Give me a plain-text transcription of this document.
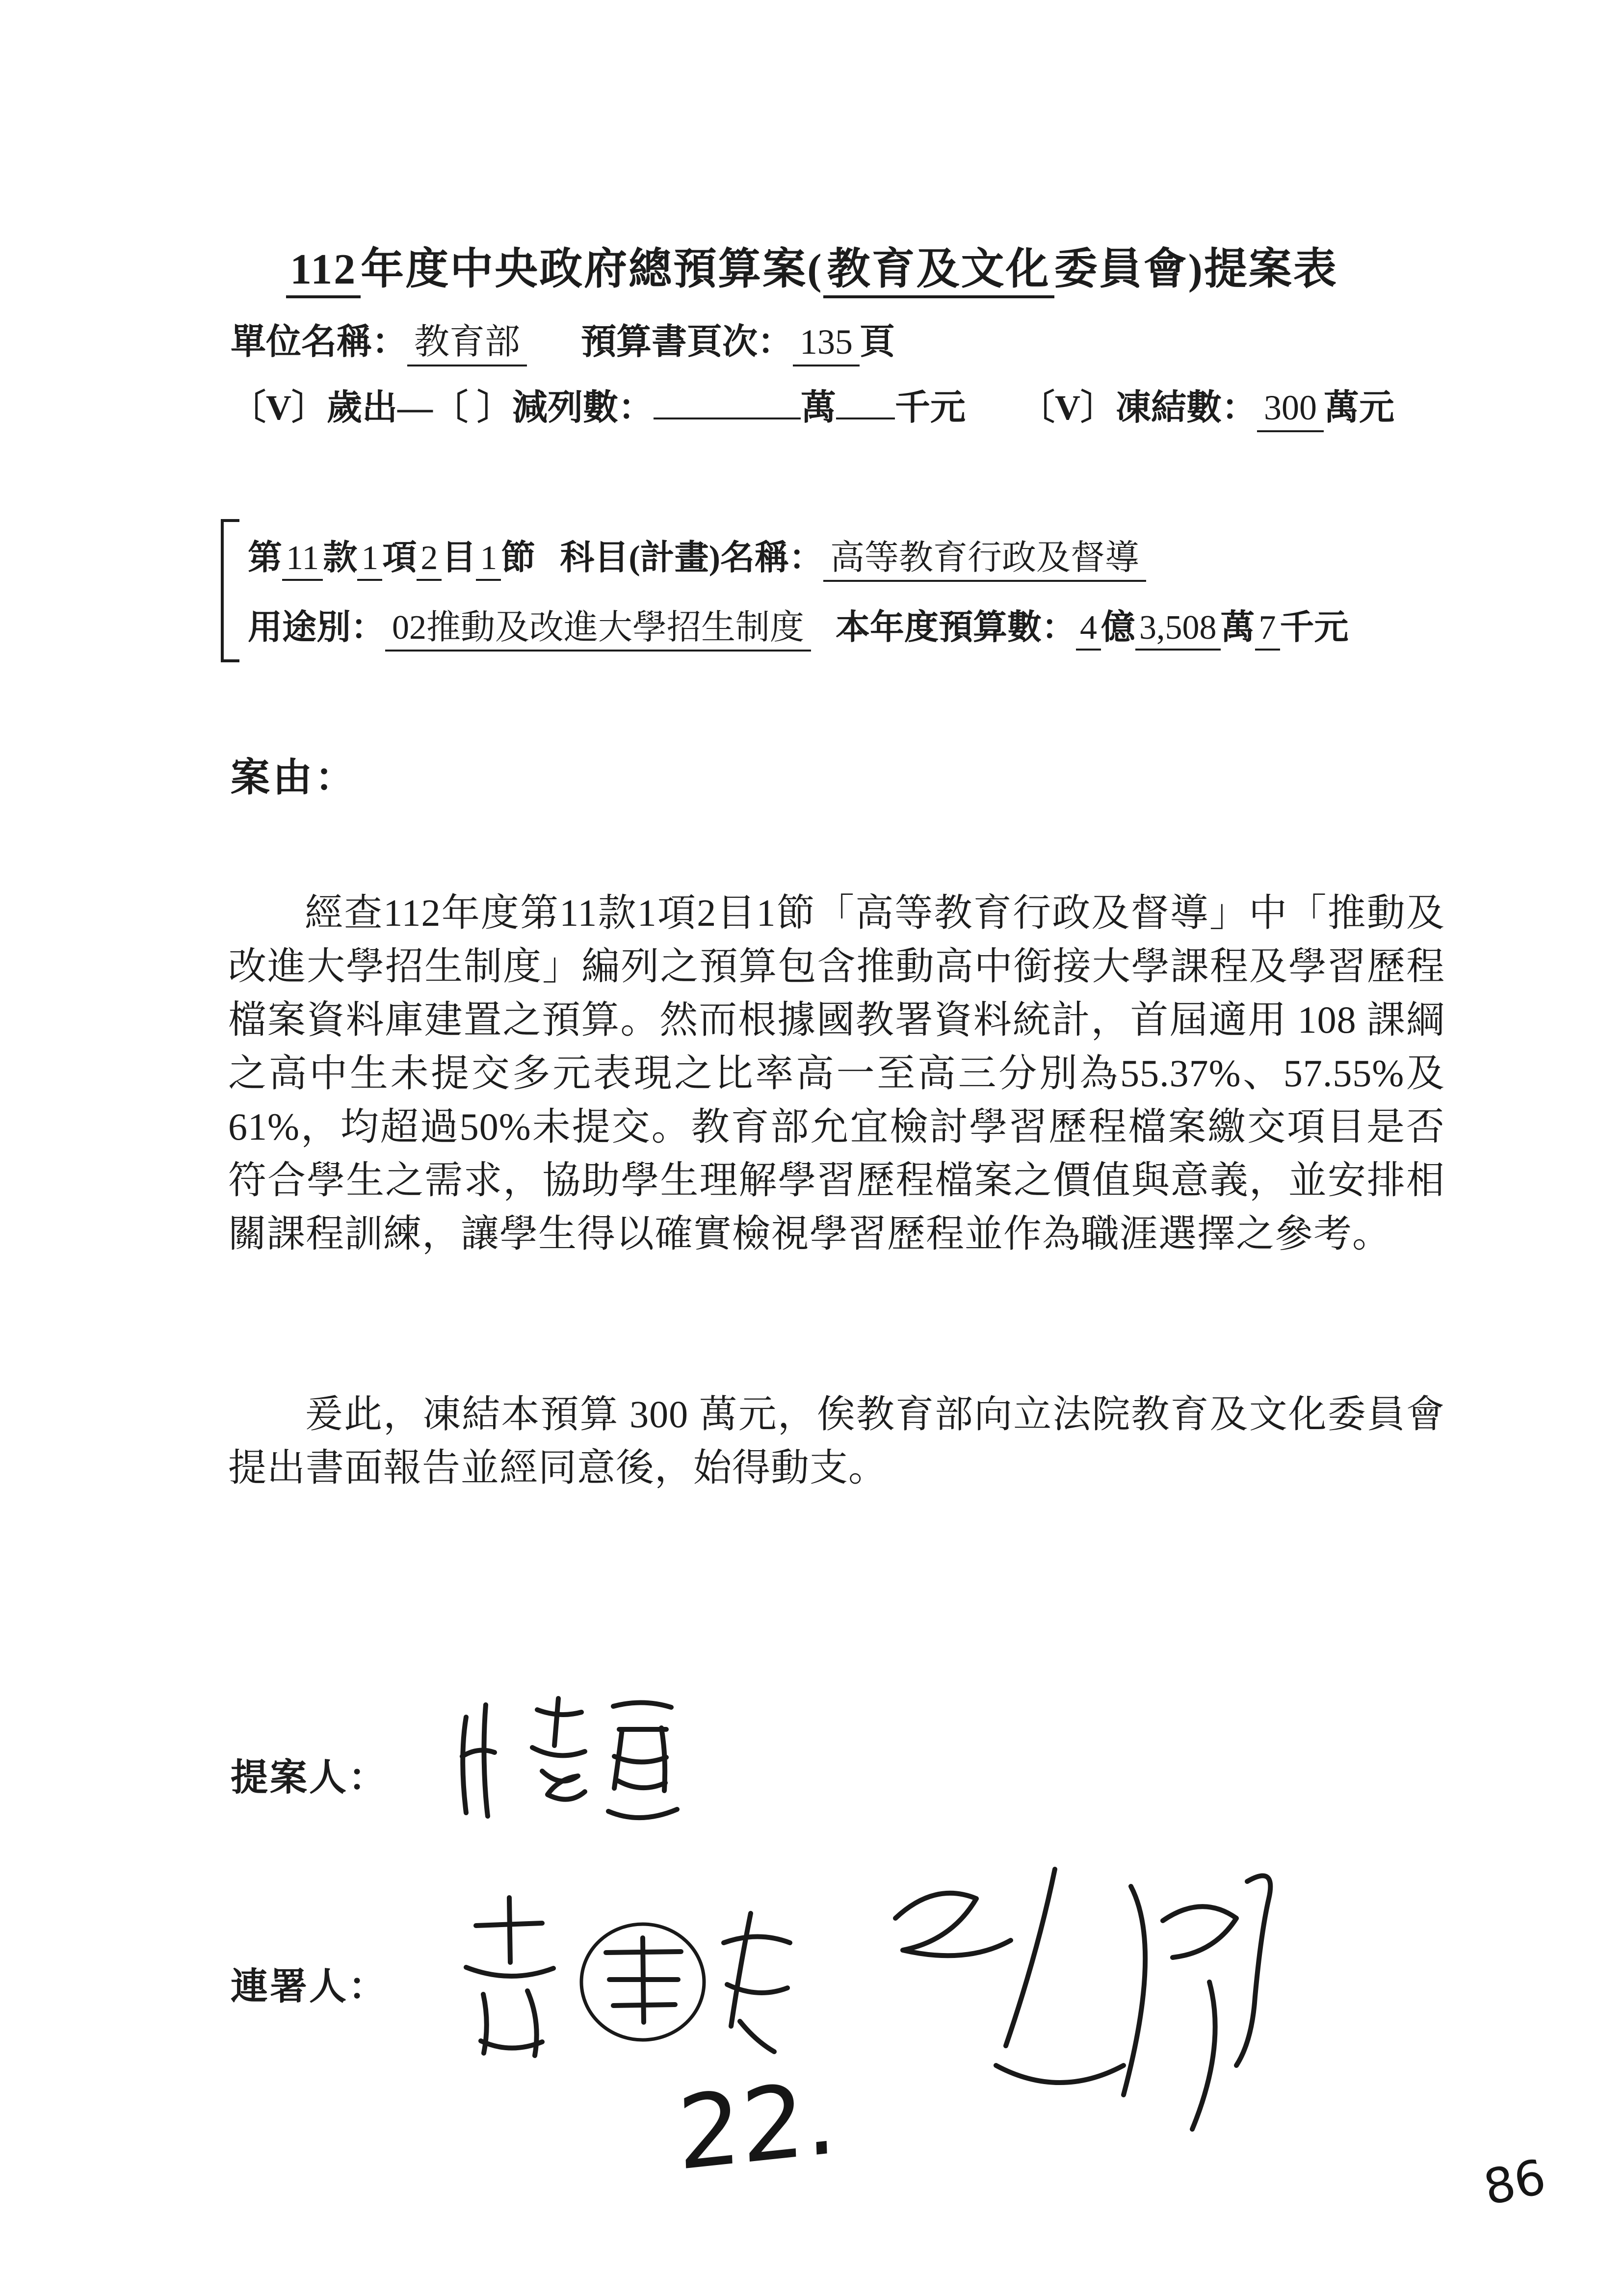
112年度中央政府總預算案(教育及文化委員會)提案表
單位名稱： 教育部 預算書頁次： 135 頁
〔V〕歲出—〔 〕減列數：	萬 千元 〔V〕凍結數： 300 萬元
第 11 款 1 項 2 目 1 節 科目(計畫)名稱： 高等教育行政及督導
用途別： 02推動及改進大學招生制度 本年度預算數： 4 億 3,508 萬 7 千元
案由：
經查112年度第11款1項2目1節「高等教育行政及督導」中「推動及改進大學招生制度」編列之預算包含推動高中銜接大學課程及學習歷程檔案資料庫建置之預算。然而根據國教署資料統計，首屆適用 108 課綱之高中生未提交多元表現之比率高一至高三分別為55.37%、57.55%及61%，均超過50%未提交。教育部允宜檢討學習歷程檔案繳交項目是否符合學生之需求，協助學生理解學習歷程檔案之價值與意義，並安排相關課程訓練，讓學生得以確實檢視學習歷程並作為職涯選擇之參考。
爰此，凍結本預算 300 萬元，俟教育部向立法院教育及文化委員會提出書面報告並經同意後，始得動支。
提案人：
連署人：
22.	86
